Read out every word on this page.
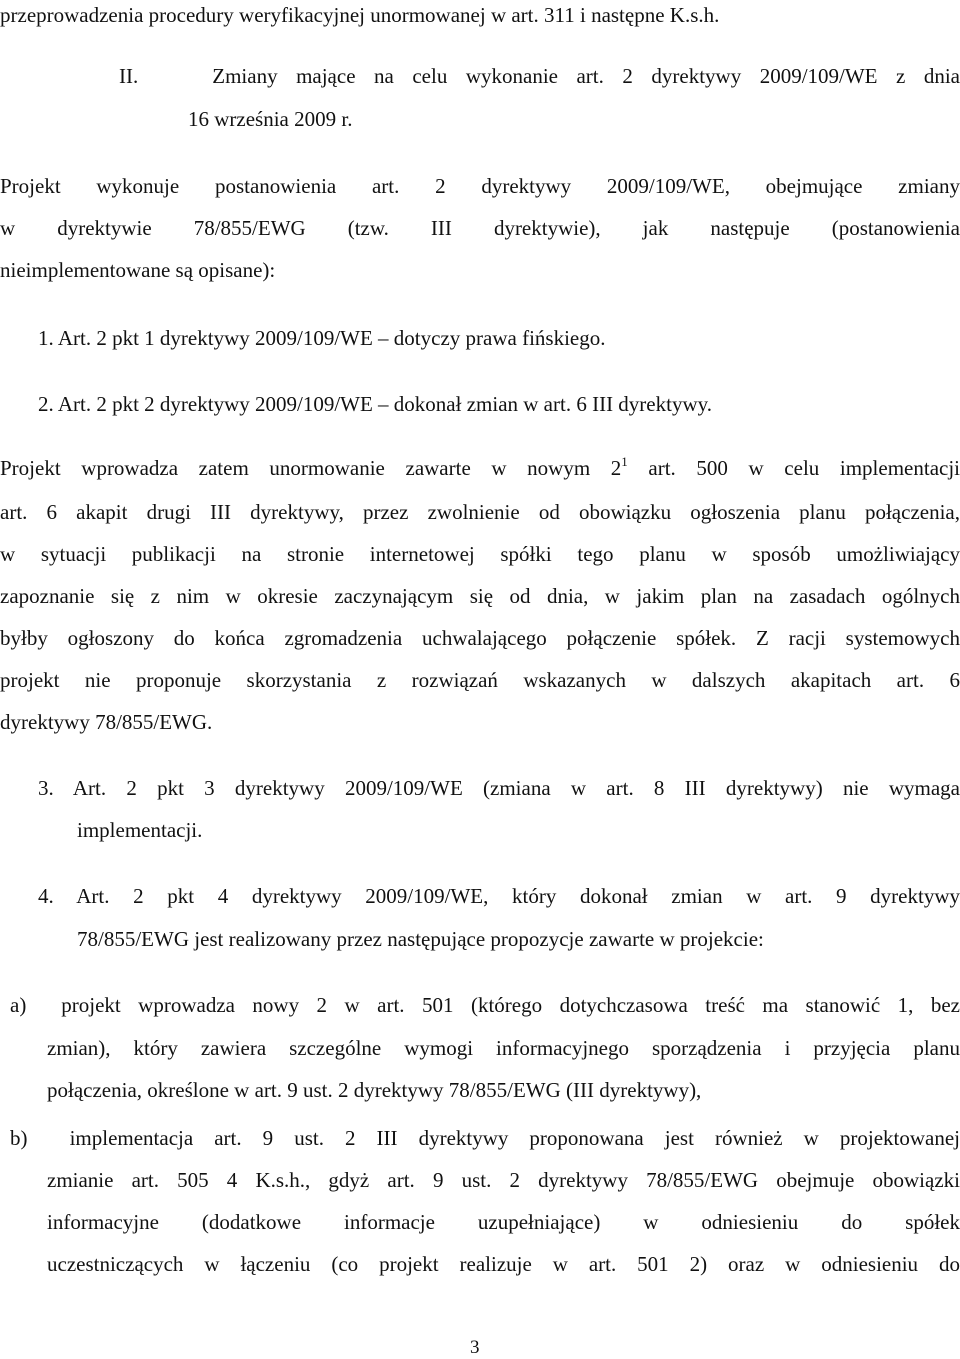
przeprowadzenia procedury weryfikacyjnej unormowanej w art. 311 i następne K.s.h.

II.    Zmiany mające na celu wykonanie art. 2 dyrektywy 2009/109/WE z dnia

16 września 2009 r.

Projekt wykonuje postanowienia art. 2 dyrektywy 2009/109/WE, obejmujące zmiany

w dyrektywie 78/855/EWG (tzw. III dyrektywie), jak następuje (postanowienia

nieimplementowane są opisane):

1. Art. 2 pkt 1 dyrektywy 2009/109/WE – dotyczy prawa fińskiego.

2. Art. 2 pkt 2 dyrektywy 2009/109/WE – dokonał zmian w art. 6 III dyrektywy.

Projekt wprowadza zatem unormowanie zawarte w nowym $2^1$ art. 500 w celu implementacji

art. 6 akapit drugi III dyrektywy, przez zwolnienie od obowiązku ogłoszenia planu połączenia,

w sytuacji publikacji na stronie internetowej spółki tego planu w sposób umożliwiający

zapoznanie się z nim w okresie zaczynającym się od dnia, w jakim plan na zasadach ogólnych

byłby ogłoszony do końca zgromadzenia uchwalającego połączenie spółek. Z racji systemowych

projekt nie proponuje skorzystania z rozwiązań wskazanych w dalszych akapitach art. 6

dyrektywy 78/855/EWG.

3. Art. 2 pkt 3 dyrektywy 2009/109/WE (zmiana w art. 8 III dyrektywy) nie wymaga

implementacji.

4. Art. 2 pkt 4 dyrektywy 2009/109/WE, który dokonał zmian w art. 9 dyrektywy

78/855/EWG jest realizowany przez następujące propozycje zawarte w projekcie:

a)  projekt wprowadza nowy 2 w art. 501 (którego dotychczasowa treść ma stanowić 1, bez

zmian), który zawiera szczególne wymogi informacyjnego sporządzenia i przyjęcia planu

połączenia, określone w art. 9 ust. 2 dyrektywy 78/855/EWG (III dyrektywy),

b)  implementacja art. 9 ust. 2 III dyrektywy proponowana jest również w projektowanej

zmianie art. 505 4 K.s.h., gdyż art. 9 ust. 2 dyrektywy 78/855/EWG obejmuje obowiązki

informacyjne (dodatkowe informacje uzupełniające) w odniesieniu do spółek

uczestniczących w łączeniu (co projekt realizuje w art. 501 2) oraz w odniesieniu do

3
